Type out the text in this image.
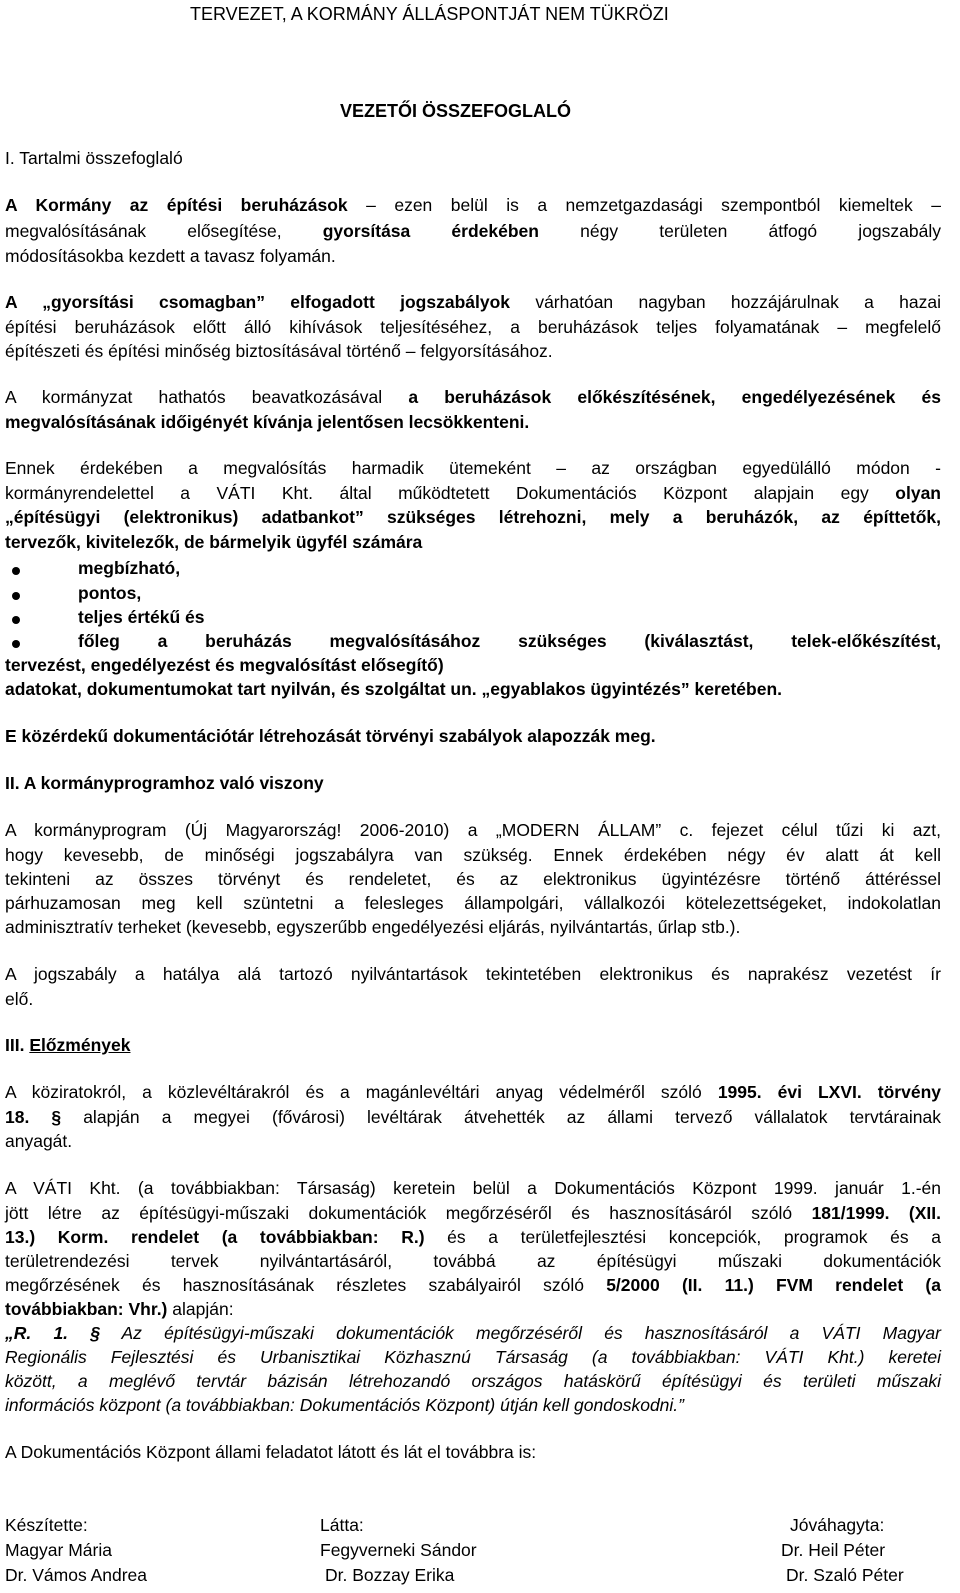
TERVEZET, A KORMÁNY ÁLLÁSPONTJÁT NEM TÜKRÖZI
VEZETŐI ÖSSZEFOGLALÓ
I. Tartalmi összefoglaló
A Kormány az építési beruházások – ezen belül is a nemzetgazdasági szempontból kiemeltek –
megvalósításának elősegítése, gyorsítása érdekében négy területen átfogó jogszabály
módosításokba kezdett a tavasz folyamán.
A „gyorsítási csomagban” elfogadott jogszabályok várhatóan nagyban hozzájárulnak a hazai
építési beruházások előtt álló kihívások teljesítéséhez, a beruházások teljes folyamatának – megfelelő
építészeti és építési minőség biztosításával történő – felgyorsításához.
A kormányzat hathatós beavatkozásával a beruházások előkészítésének, engedélyezésének és
megvalósításának időigényét kívánja jelentősen lecsökkenteni.
Ennek érdekében a megvalósítás harmadik ütemeként – az országban egyedülálló módon -
kormányrendelettel a VÁTI Kht. által működtetett Dokumentációs Központ alapjain egy olyan
„építésügyi (elektronikus) adatbankot” szükséges létrehozni, mely a beruházók, az építtetők,
tervezők, kivitelezők, de bármelyik ügyfél számára
megbízható,
pontos,
teljes értékű és
főleg a beruházás megvalósításához szükséges (kiválasztást, telek-előkészítést,
tervezést, engedélyezést és megvalósítást elősegítő)
adatokat, dokumentumokat tart nyilván, és szolgáltat un. „egyablakos ügyintézés” keretében.
E közérdekű dokumentációtár létrehozását törvényi szabályok alapozzák meg.
II. A kormányprogramhoz való viszony
A kormányprogram (Új Magyarország! 2006-2010) a „MODERN ÁLLAM” c. fejezet célul tűzi ki azt,
hogy kevesebb, de minőségi jogszabályra van szükség. Ennek érdekében négy év alatt át kell
tekinteni az összes törvényt és rendeletet, és az elektronikus ügyintézésre történő áttéréssel
párhuzamosan meg kell szüntetni a felesleges állampolgári, vállalkozói kötelezettségeket, indokolatlan
adminisztratív terheket (kevesebb, egyszerűbb engedélyezési eljárás, nyilvántartás, űrlap stb.).
A jogszabály a hatálya alá tartozó nyilvántartások tekintetében elektronikus és naprakész vezetést ír
elő.
III. Előzmények
A köziratokról, a közlevéltárakról és a magánlevéltári anyag védelméről szóló 1995. évi LXVI. törvény
18. § alapján a megyei (fővárosi) levéltárak átvehették az állami tervező vállalatok tervtárainak
anyagát.
A VÁTI Kht. (a továbbiakban: Társaság) keretein belül a Dokumentációs Központ 1999. január 1.-én
jött létre az építésügyi-műszaki dokumentációk megőrzéséről és hasznosításáról szóló 181/1999. (XII.
13.) Korm. rendelet (a továbbiakban: R.) és a területfejlesztési koncepciók, programok és a
területrendezési tervek nyilvántartásáról, továbbá az építésügyi műszaki dokumentációk
megőrzésének és hasznosításának részletes szabályairól szóló 5/2000 (II. 11.) FVM rendelet (a
továbbiakban: Vhr.) alapján:
„R. 1. § Az építésügyi-műszaki dokumentációk megőrzéséről és hasznosításáról a VÁTI Magyar
Regionális Fejlesztési és Urbanisztikai Közhasznú Társaság (a továbbiakban: VÁTI Kht.) keretei
között, a meglévő tervtár bázisán létrehozandó országos hatáskörű építésügyi és területi műszaki
információs központ (a továbbiakban: Dokumentációs Központ) útján kell gondoskodni.”
A Dokumentációs Központ állami feladatot látott és lát el továbbra is:
Készítette:
Magyar Mária
Dr. Vámos Andrea
Látta:
Fegyverneki Sándor
Dr. Bozzay Erika
Jóváhagyta:
Dr. Heil Péter
Dr. Szaló Péter
